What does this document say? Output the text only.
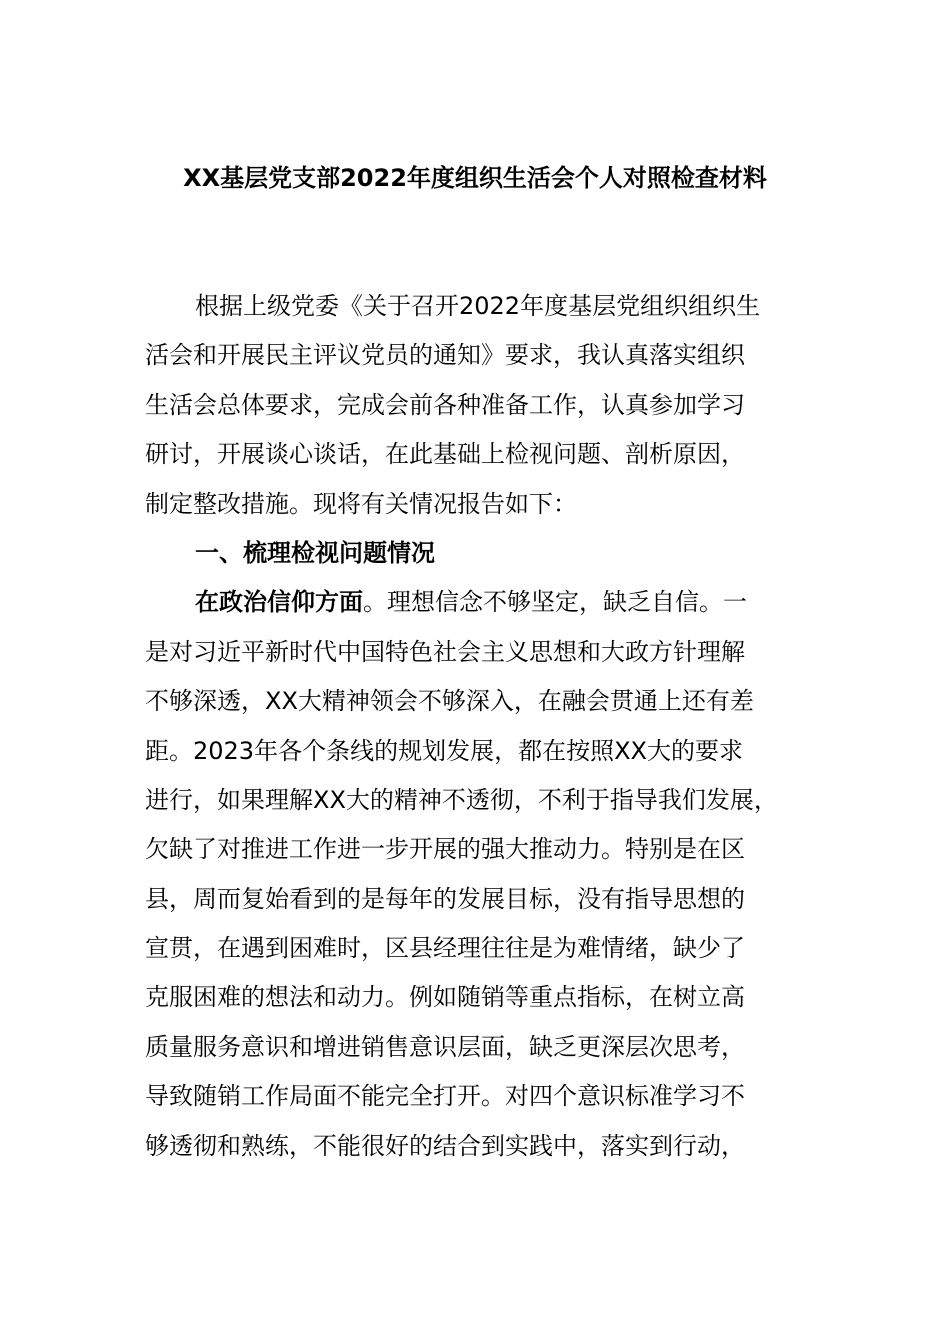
XX基层党支部2022年度组织生活会个人对照检查材料
根据上级党委《关于召开2022年度基层党组织组织生
活会和开展民主评议党员的通知》要求，我认真落实组织
生活会总体要求，完成会前各种准备工作，认真参加学习
研讨，开展谈心谈话，在此基础上检视问题、剖析原因，
制定整改措施。现将有关情况报告如下：
一、梳理检视问题情况
在政治信仰方面。理想信念不够坚定，缺乏自信。一
是对习近平新时代中国特色社会主义思想和大政方针理解
不够深透，XX大精神领会不够深入，在融会贯通上还有差
距。2023年各个条线的规划发展，都在按照XX大的要求
进行，如果理解XX大的精神不透彻，不利于指导我们发展，
欠缺了对推进工作进一步开展的强大推动力。特别是在区
县，周而复始看到的是每年的发展目标，没有指导思想的
宣贯，在遇到困难时，区县经理往往是为难情绪，缺少了
克服困难的想法和动力。例如随销等重点指标，在树立高
质量服务意识和增进销售意识层面，缺乏更深层次思考，
导致随销工作局面不能完全打开。对四个意识标准学习不
够透彻和熟练，不能很好的结合到实践中，落实到行动，
